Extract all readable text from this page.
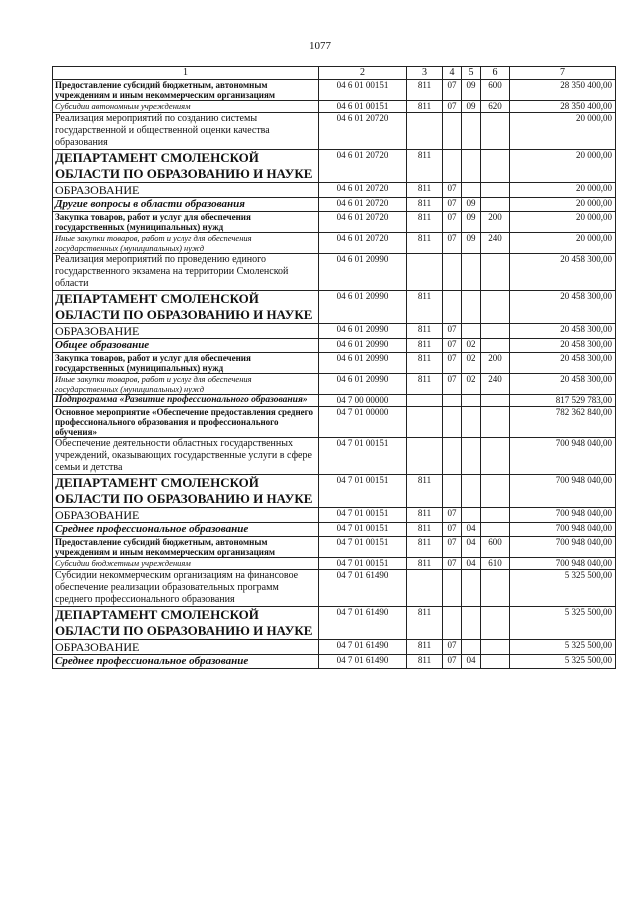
1077
1	2	3	4	5	6	7
Предоставление субсидий бюджетным, автономным учреждениям и иным некоммерческим организациям	04 6 01 00151	811	07	09	600	28 350 400,00
Субсидии автономным учреждениям	04 6 01 00151	811	07	09	620	28 350 400,00
Реализация мероприятий по созданию системы государственной и общественной оценки качества образования	04 6 01 20720					20 000,00
ДЕПАРТАМЕНТ СМОЛЕНСКОЙ ОБЛАСТИ ПО ОБРАЗОВАНИЮ И НАУКЕ	04 6 01 20720	811				20 000,00
ОБРАЗОВАНИЕ	04 6 01 20720	811	07			20 000,00
Другие вопросы в области образования	04 6 01 20720	811	07	09		20 000,00
Закупка товаров, работ и услуг для обеспечения государственных (муниципальных) нужд	04 6 01 20720	811	07	09	200	20 000,00
Иные закупки товаров, работ и услуг для обеспечения государственных (муниципальных) нужд	04 6 01 20720	811	07	09	240	20 000,00
Реализация мероприятий по проведению единого государственного экзамена на территории Смоленской области	04 6 01 20990					20 458 300,00
ДЕПАРТАМЕНТ СМОЛЕНСКОЙ ОБЛАСТИ ПО ОБРАЗОВАНИЮ И НАУКЕ	04 6 01 20990	811				20 458 300,00
ОБРАЗОВАНИЕ	04 6 01 20990	811	07			20 458 300,00
Общее образование	04 6 01 20990	811	07	02		20 458 300,00
Закупка товаров, работ и услуг для обеспечения государственных (муниципальных) нужд	04 6 01 20990	811	07	02	200	20 458 300,00
Иные закупки товаров, работ и услуг для обеспечения государственных (муниципальных) нужд	04 6 01 20990	811	07	02	240	20 458 300,00
Подпрограмма «Развитие профессионального образования»	04 7 00 00000					817 529 783,00
Основное мероприятие «Обеспечение предоставления среднего профессионального образования и профессионального обучения»	04 7 01 00000					782 362 840,00
Обеспечение деятельности областных государственных учреждений, оказывающих государственные услуги в сфере семьи и детства	04 7 01 00151					700 948 040,00
ДЕПАРТАМЕНТ СМОЛЕНСКОЙ ОБЛАСТИ ПО ОБРАЗОВАНИЮ И НАУКЕ	04 7 01 00151	811				700 948 040,00
ОБРАЗОВАНИЕ	04 7 01 00151	811	07			700 948 040,00
Среднее профессиональное образование	04 7 01 00151	811	07	04		700 948 040,00
Предоставление субсидий бюджетным, автономным учреждениям и иным некоммерческим организациям	04 7 01 00151	811	07	04	600	700 948 040,00
Субсидии бюджетным учреждениям	04 7 01 00151	811	07	04	610	700 948 040,00
Субсидии некоммерческим организациям на финансовое обеспечение реализации образовательных программ среднего профессионального образования	04 7 01 61490					5 325 500,00
ДЕПАРТАМЕНТ СМОЛЕНСКОЙ ОБЛАСТИ ПО ОБРАЗОВАНИЮ И НАУКЕ	04 7 01 61490	811				5 325 500,00
ОБРАЗОВАНИЕ	04 7 01 61490	811	07			5 325 500,00
Среднее профессиональное образование	04 7 01 61490	811	07	04		5 325 500,00
